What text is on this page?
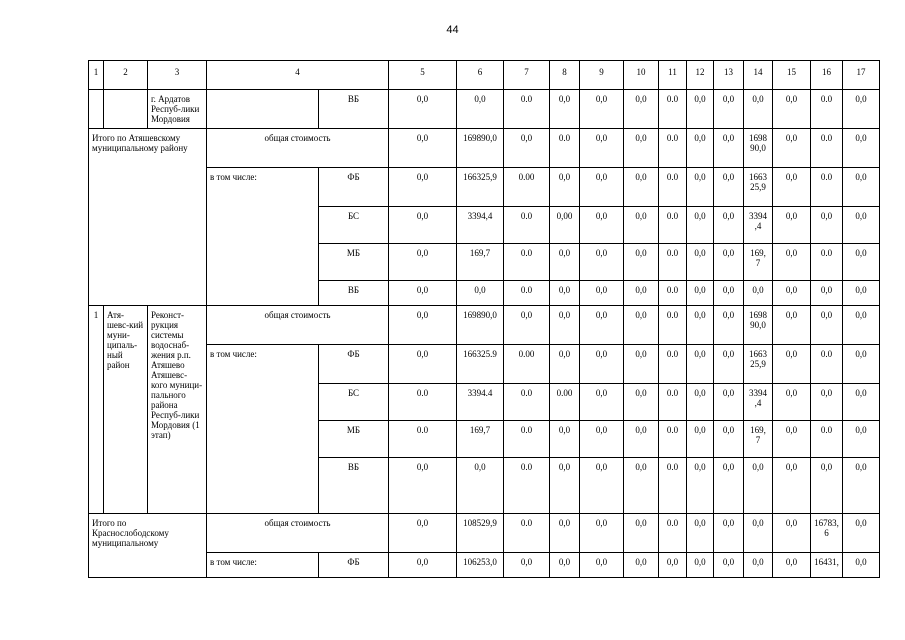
44
1	2	3	4		5	6	7	8	9	10	11	12	13	14	15	16	17	
		г. Ардатов Респуб-лики Мордовия		ВБ	0,0	0,0	0.0	0,0	0,0	0,0	0.0	0,0	0,0	0,0	0,0	0.0	0,0	
Итого по Атяшевскому муниципальному району			общая стоимость		0,0	169890,0	0,0	0.0	0,0	0,0	0.0	0,0	0,0	1698 90,0	0,0	0.0	0,0	
			в том числе:	ФБ	0,0	166325,9	0.00	0,0	0,0	0,0	0.0	0,0	0,0	1663 25,9	0,0	0.0	0,0	
				БС	0,0	3394,4	0.0	0,00	0,0	0,0	0.0	0,0	0,0	3394 ,4	0,0	0,0	0,0	
				МБ	0,0	169,7	0.0	0,0	0,0	0,0	0.0	0,0	0,0	169, 7	0,0	0.0	0,0	
				ВБ	0,0	0,0	0.0	0,0	0,0	0,0	0.0	0,0	0,0	0,0	0,0	0,0	0,0	
1	Атя-шевс-кий муни-ципаль-ный район	Реконст-рукция системы водоснаб-жения р.п. Атяшево Атяшевс-кого муници-пального района Респуб-лики Мордовия (1 этап)	общая стоимость		0,0	169890,0	0,0	0,0	0,0	0,0	0.0	0,0	0,0	1698 90,0	0,0	0,0	0,0	
			в том числе:	ФБ	0,0	166325.9	0.00	0,0	0,0	0,0	0.0	0,0	0,0	1663 25,9	0,0	0.0	0,0	
				БС	0.0	3394.4	0.0	0.00	0,0	0,0	0.0	0,0	0,0	3394 ,4	0,0	0,0	0,0	
				МБ	0.0	169,7	0.0	0,0	0,0	0,0	0.0	0,0	0,0	169, 7	0,0	0.0	0,0	
				ВБ	0,0	0,0	0.0	0,0	0,0	0,0	0.0	0,0	0,0	0,0	0,0	0,0	0,0	
Итого по Краснослободскому муниципальному			общая стоимость		0,0	108529,9	0.0	0,0	0,0	0,0	0.0	0,0	0,0	0,0	0,0	16783, 6	0,0	
			в том числе:	ФБ	0,0	106253,0	0,0	0,0	0,0	0,0	0,0	0,0	0,0	0,0	0,0	16431,	0,0	
